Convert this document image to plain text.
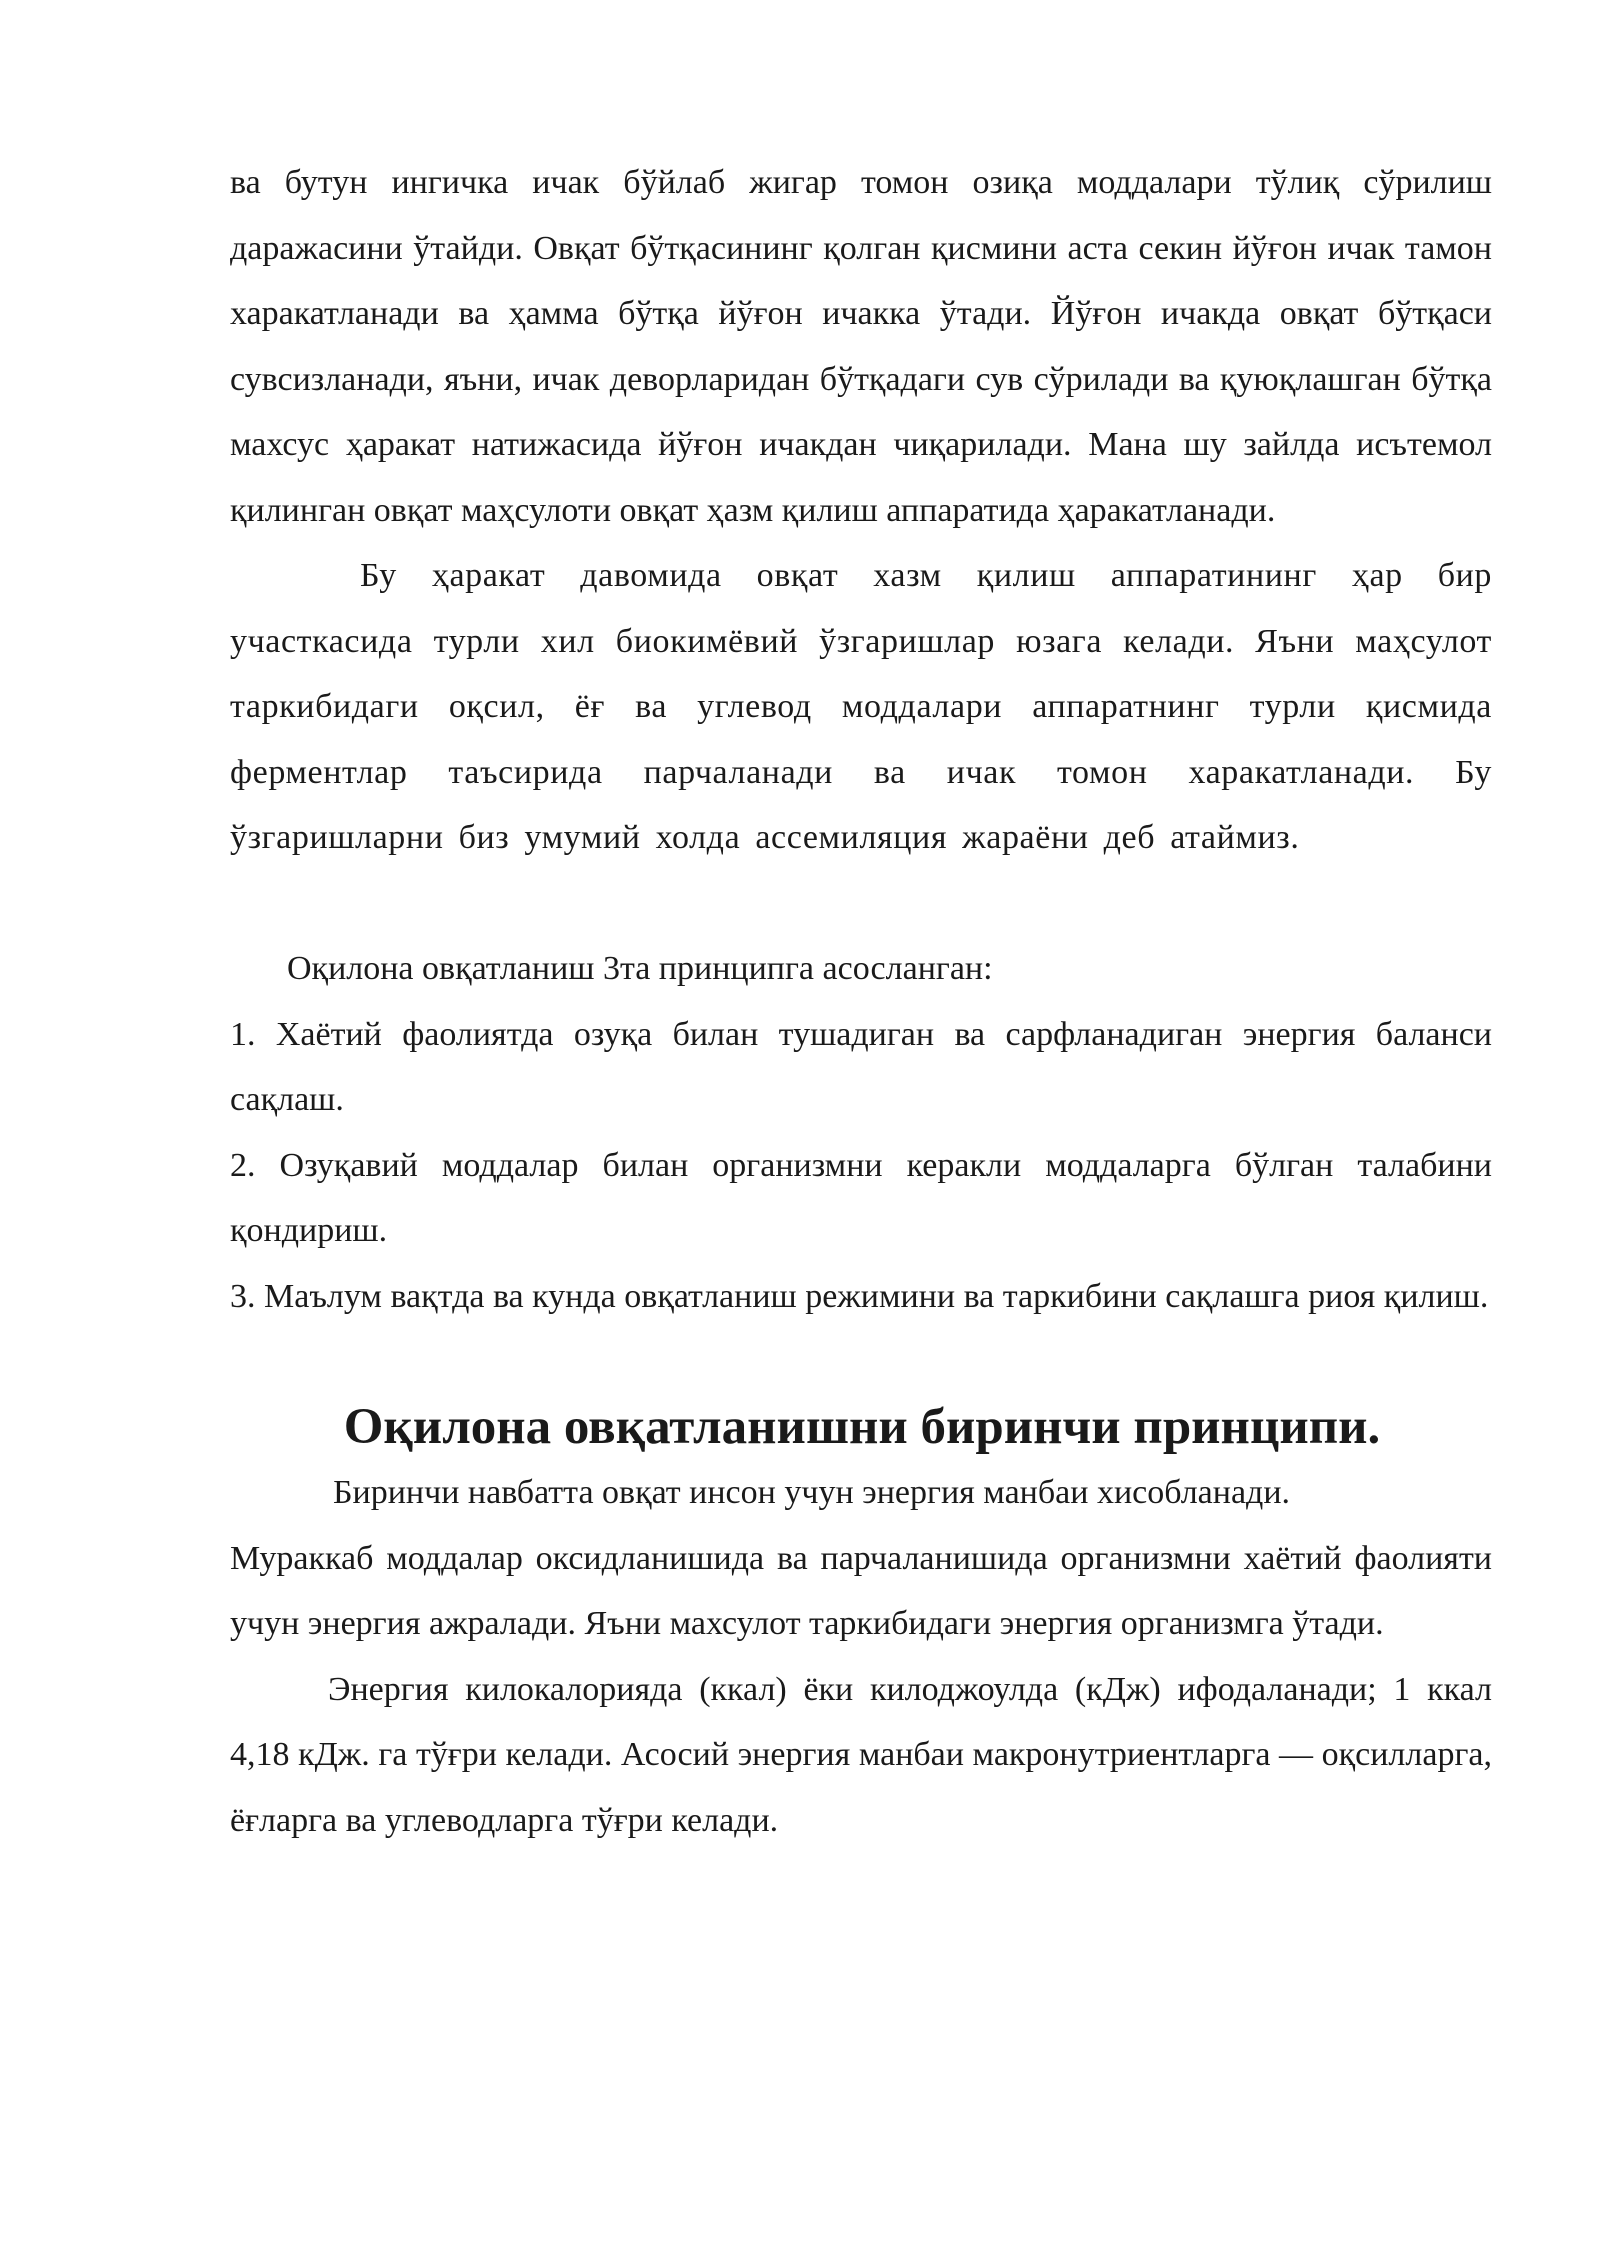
ва бутун ингичка ичак бўйлаб жигар томон озиқа моддалари тўлиқ сўрилиш даражасини ўтайди. Овқат бўтқасининг қолган қисмини аста секин йўғон ичак тамон харакатланади ва ҳамма бўтқа йўғон ичакка ўтади. Йўғон ичакда овқат бўтқаси сувсизланади, яъни, ичак деворларидан бўтқадаги сув сўрилади ва қуюқлашган бўтқа махсус ҳаракат натижасида йўғон ичакдан чиқарилади. Мана шу зайлда исътемол қилинган овқат маҳсулоти овқат ҳазм қилиш аппаратида ҳаракатланади.

Бу ҳаракат давомида овқат хазм қилиш аппаратининг ҳар бир участкасида турли хил биокимёвий ўзгаришлар юзага келади. Яъни маҳсулот таркибидаги оқсил, ёғ ва углевод моддалари аппаратнинг турли қисмида ферментлар таъсирида парчаланади ва ичак томон харакатланади. Бу ўзгаришларни биз умумий холда ассемиляция жараёни деб атаймиз.

Оқилона овқатланиш 3та принципга асосланган:

1. Хаётий фаолиятда озуқа билан тушадиган ва сарфланадиган энергия баланси сақлаш.

2. Озуқавий моддалар билан организмни керакли моддаларга бўлган талабини қондириш.

3. Маълум вақтда ва кунда овқатланиш режимини ва таркибини сақлашга риоя қилиш.

Оқилона овқатланишни биринчи принципи.

Биринчи навбатта овқат инсон учун энергия манбаи хисобланади.

Мураккаб моддалар оксидланишида ва парчаланишида организмни хаётий фаолияти учун энергия ажралади. Яъни махсулот таркибидаги энергия организмга ўтади.

Энергия килокалорияда (ккал) ёки килоджоулда (кДж) ифодаланади; 1 ккал 4,18 кДж. га тўғри келади. Асосий энергия манбаи макронутриентларга — оқсилларга, ёғларга ва углеводларга тўғри келади.
